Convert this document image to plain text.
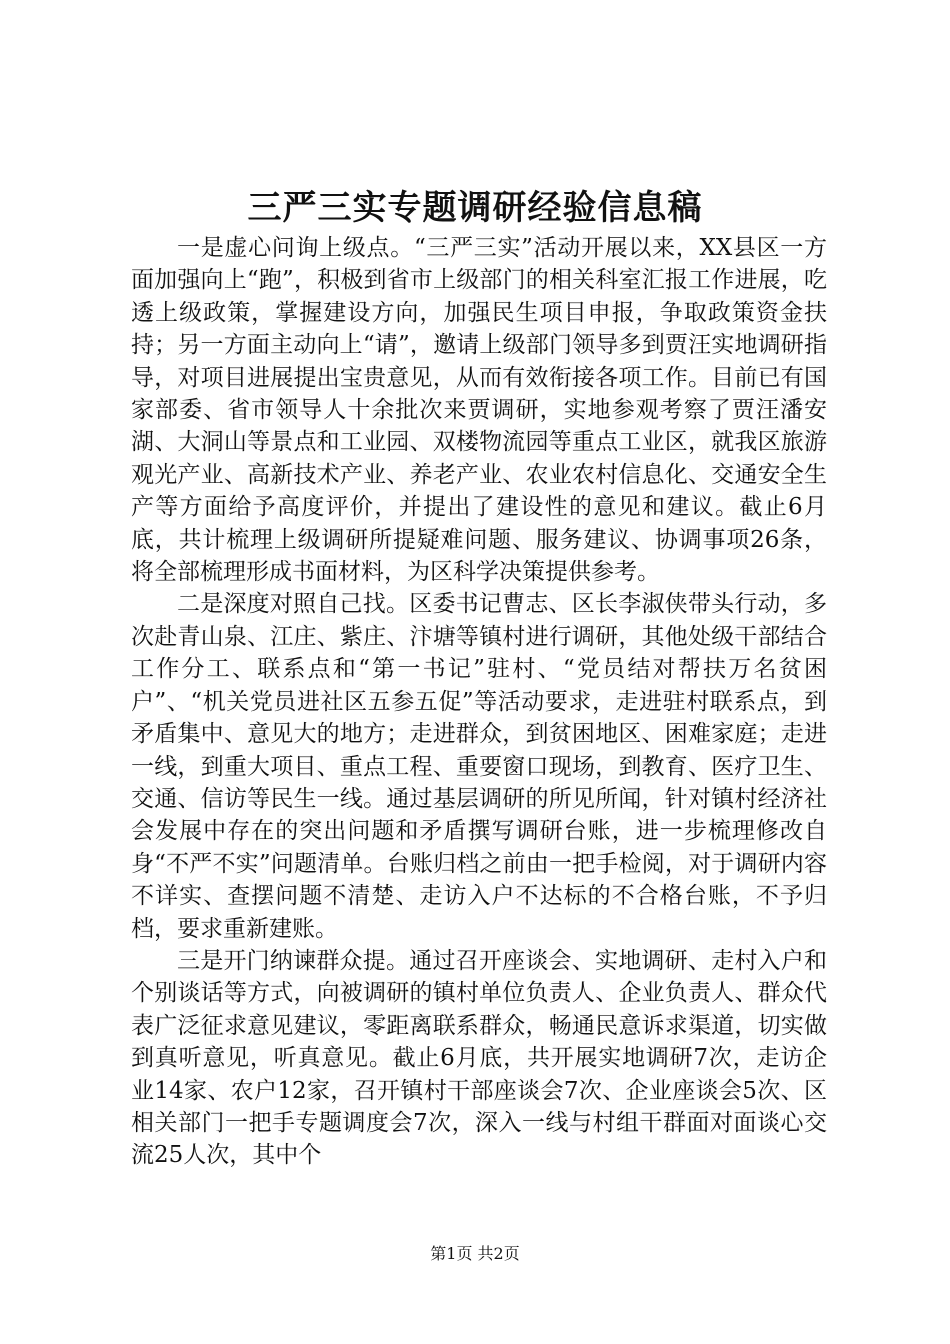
三严三实专题调研经验信息稿

一是虚心问询上级点。“三严三实”活动开展以来，XX县区一方面加强向上“跑”，积极到省市上级部门的相关科室汇报工作进展，吃透上级政策，掌握建设方向，加强民生项目申报，争取政策资金扶持；另一方面主动向上“请”，邀请上级部门领导多到贾汪实地调研指导，对项目进展提出宝贵意见，从而有效衔接各项工作。目前已有国家部委、省市领导人十余批次来贾调研，实地参观考察了贾汪潘安湖、大洞山等景点和工业园、双楼物流园等重点工业区，就我区旅游观光产业、高新技术产业、养老产业、农业农村信息化、交通安全生产等方面给予高度评价，并提出了建设性的意见和建议。截止6月底，共计梳理上级调研所提疑难问题、服务建议、协调事项26条，将全部梳理形成书面材料，为区科学决策提供参考。

二是深度对照自己找。区委书记曹志、区长李淑侠带头行动，多次赴青山泉、江庄、紫庄、汴塘等镇村进行调研，其他处级干部结合工作分工、联系点和“第一书记”驻村、“党员结对帮扶万名贫困户”、“机关党员进社区五参五促”等活动要求，走进驻村联系点，到矛盾集中、意见大的地方；走进群众，到贫困地区、困难家庭；走进一线，到重大项目、重点工程、重要窗口现场，到教育、医疗卫生、交通、信访等民生一线。通过基层调研的所见所闻，针对镇村经济社会发展中存在的突出问题和矛盾撰写调研台账，进一步梳理修改自身“不严不实”问题清单。台账归档之前由一把手检阅，对于调研内容不详实、查摆问题不清楚、走访入户不达标的不合格台账，不予归档，要求重新建账。

三是开门纳谏群众提。通过召开座谈会、实地调研、走村入户和个别谈话等方式，向被调研的镇村单位负责人、企业负责人、群众代表广泛征求意见建议，零距离联系群众，畅通民意诉求渠道，切实做到真听意见，听真意见。截止6月底，共开展实地调研7次，走访企业14家、农户12家，召开镇村干部座谈会7次、企业座谈会5次、区相关部门一把手专题调度会7次，深入一线与村组干群面对面谈心交流25人次，其中个

第1页 共2页
